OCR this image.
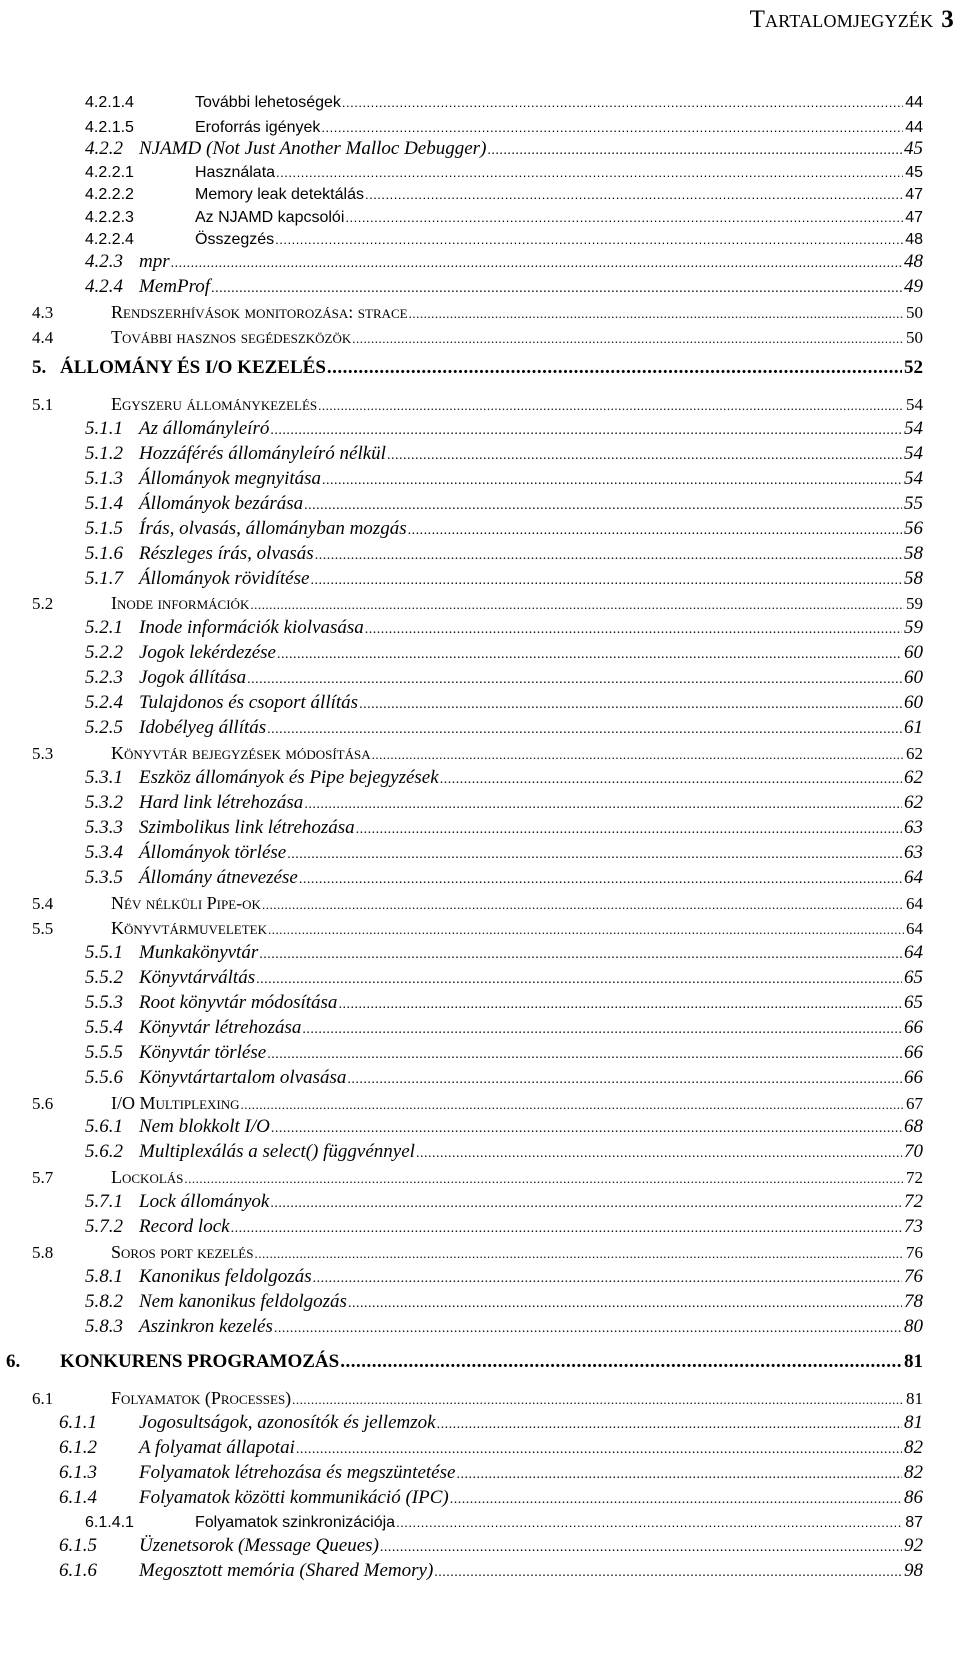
Tartalomjegyzék 3
4.2.1.4	További lehetoségek .....	44
4.2.1.5	Eroforrás igények .....	44
4.2.2 NJAMD (Not Just Another Malloc Debugger) .....	45
4.2.2.1	Használata .....	45
4.2.2.2	Memory leak detektálás .....	47
4.2.2.3	Az NJAMD kapcsolói .....	47
4.2.2.4	Összegzés .....	48
4.2.3 mpr .....	48
4.2.4 MemProf .....	49
4.3	Rendszerhívások monitorozása: strace .....	50
4.4	További hasznos segédeszközök .....	50
5. ÁLLOMÁNY ÉS I/O KEZELÉS .....	52
5.1	Egyszeru állománykezelés .....	54
5.1.1 Az állományleíró .....	54
5.1.2 Hozzáférés állományleíró nélkül .....	54
5.1.3 Állományok megnyitása .....	54
5.1.4 Állományok bezárása .....	55
5.1.5 Írás, olvasás, állományban mozgás .....	56
5.1.6 Részleges írás, olvasás .....	58
5.1.7 Állományok rövidítése .....	58
5.2	Inode információk .....	59
5.2.1 Inode információk kiolvasása .....	59
5.2.2 Jogok lekérdezése .....	60
5.2.3 Jogok állítása .....	60
5.2.4 Tulajdonos és csoport állítás .....	60
5.2.5 Idobélyeg állítás .....	61
5.3	Könyvtár bejegyzések módosítása .....	62
5.3.1 Eszköz állományok és Pipe bejegyzések .....	62
5.3.2 Hard link létrehozása .....	62
5.3.3 Szimbolikus link létrehozása .....	63
5.3.4 Állományok törlése .....	63
5.3.5 Állomány átnevezése .....	64
5.4	Név nélküli Pipe-ok .....	64
5.5	Könyvtármuveletek .....	64
5.5.1 Munkakönyvtár .....	64
5.5.2 Könyvtárváltás .....	65
5.5.3 Root könyvtár módosítása .....	65
5.5.4 Könyvtár létrehozása .....	66
5.5.5 Könyvtár törlése .....	66
5.5.6 Könyvtártartalom olvasása .....	66
5.6	I/O Multiplexing .....	67
5.6.1 Nem blokkolt I/O .....	68
5.6.2 Multiplexálás a select() függvénnyel .....	70
5.7	Lockolás .....	72
5.7.1 Lock állományok .....	72
5.7.2 Record lock .....	73
5.8	Soros port kezelés .....	76
5.8.1 Kanonikus feldolgozás .....	76
5.8.2 Nem kanonikus feldolgozás .....	78
5.8.3 Aszinkron kezelés .....	80
6.	KONKURENS PROGRAMOZÁS .....	81
6.1	Folyamatok (Processes) .....	81
6.1.1	Jogosultságok, azonosítók és jellemzok .....	81
6.1.2	A folyamat állapotai .....	82
6.1.3	Folyamatok létrehozása és megszüntetése .....	82
6.1.4	Folyamatok közötti kommunikáció (IPC) .....	86
6.1.4.1	Folyamatok szinkronizációja .....	87
6.1.5	Üzenetsorok (Message Queues) .....	92
6.1.6	Megosztott memória (Shared Memory) .....	98
